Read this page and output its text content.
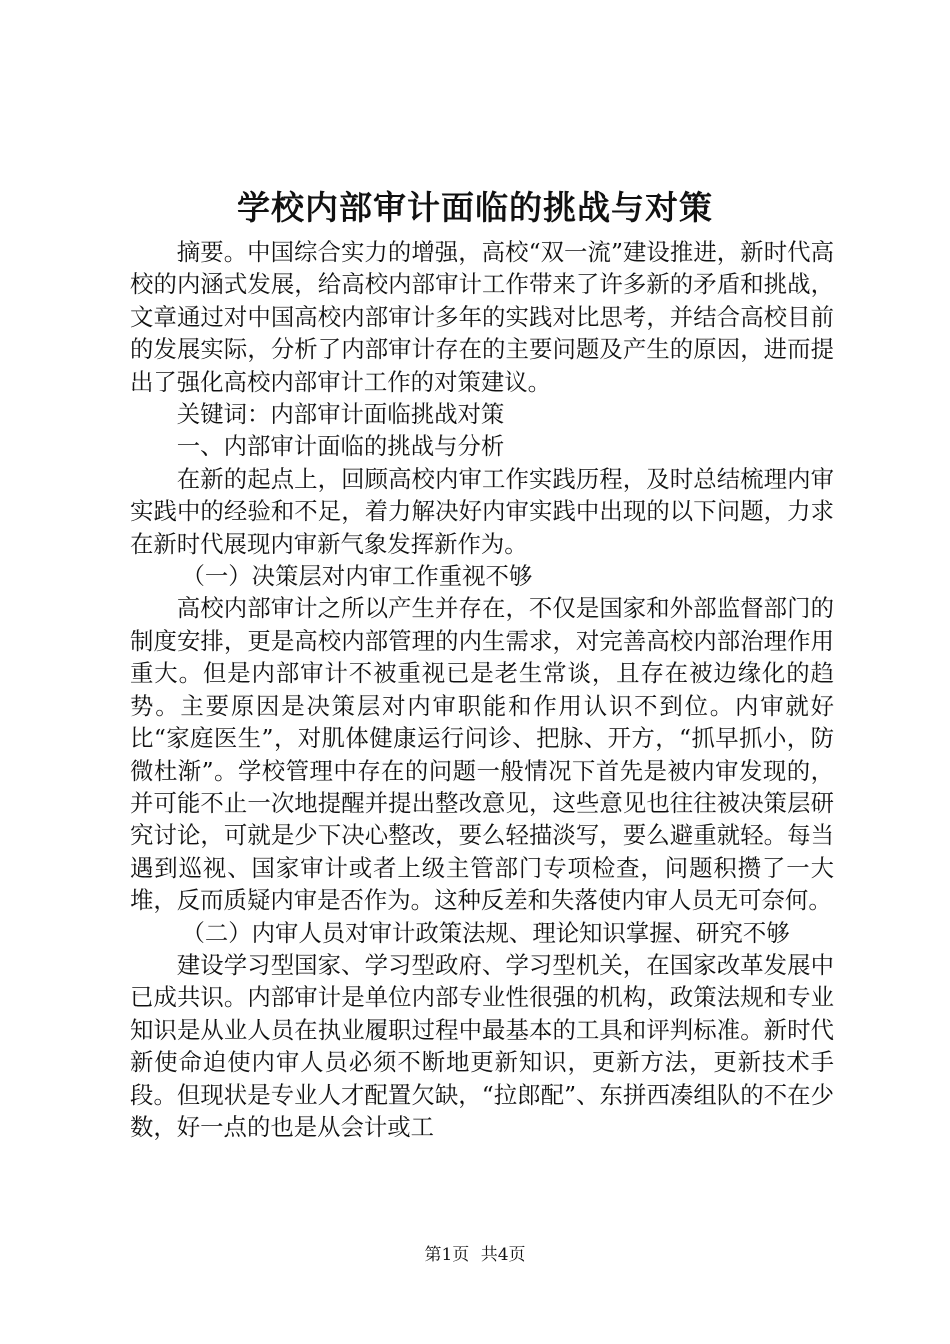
学校内部审计面临的挑战与对策

摘要。中国综合实力的增强，高校“双一流”建设推进，新时代高校的内涵式发展，给高校内部审计工作带来了许多新的矛盾和挑战，文章通过对中国高校内部审计多年的实践对比思考，并结合高校目前的发展实际，分析了内部审计存在的主要问题及产生的原因，进而提出了强化高校内部审计工作的对策建议。

关键词：内部审计面临挑战对策

一、内部审计面临的挑战与分析

在新的起点上，回顾高校内审工作实践历程，及时总结梳理内审实践中的经验和不足，着力解决好内审实践中出现的以下问题，力求在新时代展现内审新气象发挥新作为。

（一）决策层对内审工作重视不够

高校内部审计之所以产生并存在，不仅是国家和外部监督部门的制度安排，更是高校内部管理的内生需求，对完善高校内部治理作用重大。但是内部审计不被重视已是老生常谈，且存在被边缘化的趋势。主要原因是决策层对内审职能和作用认识不到位。内审就好比“家庭医生”，对肌体健康运行问诊、把脉、开方，“抓早抓小，防微杜渐”。学校管理中存在的问题一般情况下首先是被内审发现的，并可能不止一次地提醒并提出整改意见，这些意见也往往被决策层研究讨论，可就是少下决心整改，要么轻描淡写，要么避重就轻。每当遇到巡视、国家审计或者上级主管部门专项检查，问题积攒了一大堆，反而质疑内审是否作为。这种反差和失落使内审人员无可奈何。

（二）内审人员对审计政策法规、理论知识掌握、研究不够

建设学习型国家、学习型政府、学习型机关，在国家改革发展中已成共识。内部审计是单位内部专业性很强的机构，政策法规和专业知识是从业人员在执业履职过程中最基本的工具和评判标准。新时代新使命迫使内审人员必须不断地更新知识，更新方法，更新技术手段。但现状是专业人才配置欠缺，“拉郎配”、东拼西凑组队的不在少数，好一点的也是从会计或工

第1页 共4页
